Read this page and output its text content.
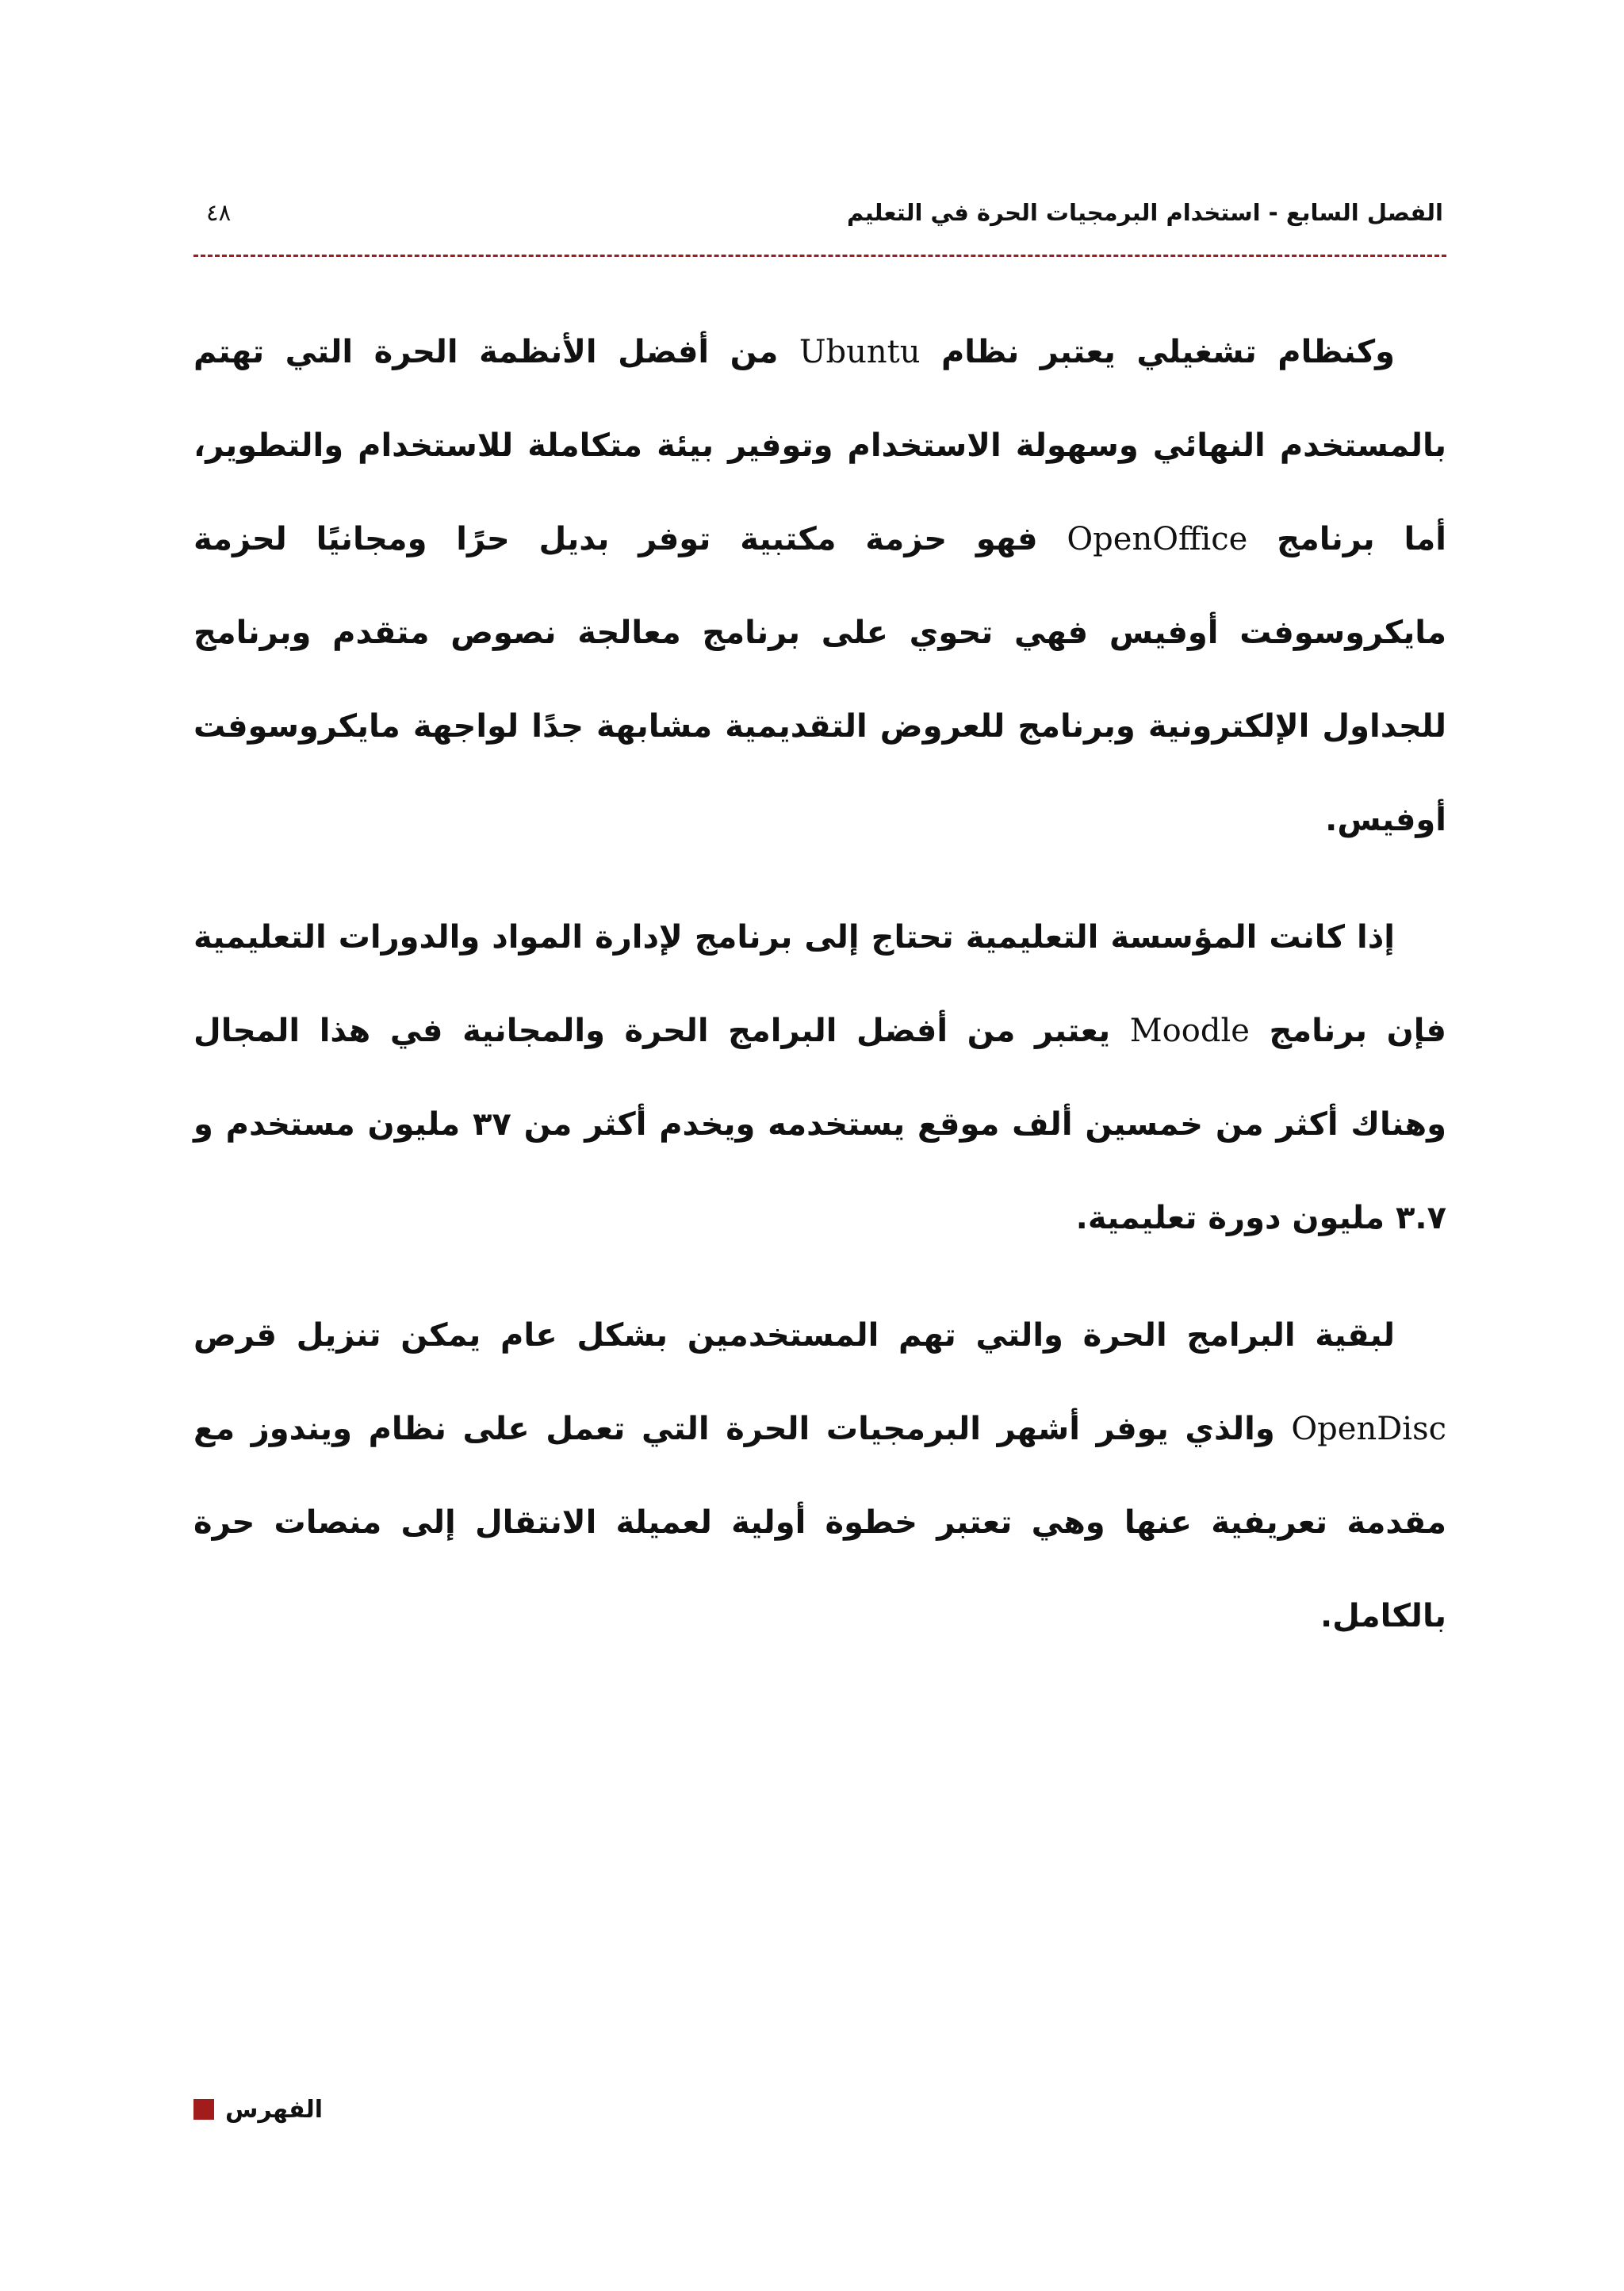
الفصل السابع - استخدام البرمجيات الحرة في التعليم
٤٨

وكنظام تشغيلي يعتبر نظام Ubuntu من أفضل الأنظمة الحرة التي تهتم بالمستخدم النهائي وسهولة الاستخدام وتوفير بيئة متكاملة للاستخدام والتطوير، أما برنامج OpenOffice فهو حزمة مكتبية توفر بديل حرًا ومجانيًا لحزمة مايكروسوفت أوفيس فهي تحوي على برنامج معالجة نصوص متقدم وبرنامج للجداول الإلكترونية وبرنامج للعروض التقديمية مشابهة جدًا لواجهة مايكروسوفت أوفيس.

إذا كانت المؤسسة التعليمية تحتاج إلى برنامج لإدارة المواد والدورات التعليمية فإن برنامج Moodle يعتبر من أفضل البرامج الحرة والمجانية في هذا المجال وهناك أكثر من خمسين ألف موقع يستخدمه ويخدم أكثر من ٣٧ مليون مستخدم و ٣.٧ مليون دورة تعليمية.

لبقية البرامج الحرة والتي تهم المستخدمين بشكل عام يمكن تنزيل قرص OpenDisc والذي يوفر أشهر البرمجيات الحرة التي تعمل على نظام ويندوز مع مقدمة تعريفية عنها وهي تعتبر خطوة أولية لعميلة الانتقال إلى منصات حرة بالكامل.

الفهرس
